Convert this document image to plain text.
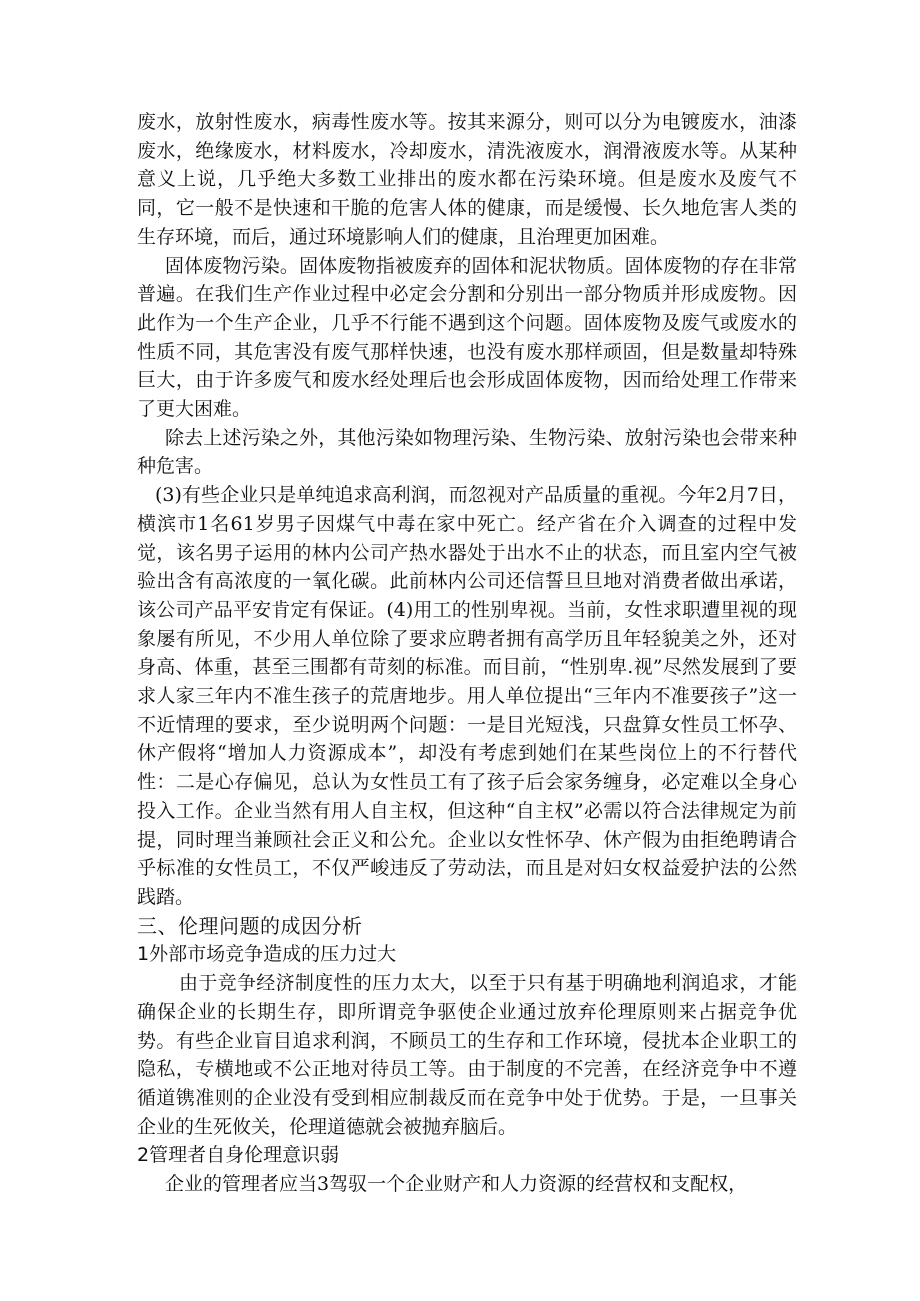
废水，放射性废水，病毒性废水等。按其来源分，则可以分为电镀废水，油漆废水，绝缘废水，材料废水，冷却废水，清洗液废水，润滑液废水等。从某种意义上说，几乎绝大多数工业排出的废水都在污染环境。但是废水及废气不同，它一般不是快速和干脆的危害人体的健康，而是缓慢、长久地危害人类的生存环境，而后，通过环境影响人们的健康，且治理更加困难。

固体废物污染。固体废物指被废弃的固体和泥状物质。固体废物的存在非常普遍。在我们生产作业过程中必定会分割和分别出一部分物质并形成废物。因此作为一个生产企业，几乎不行能不遇到这个问题。固体废物及废气或废水的性质不同，其危害没有废气那样快速，也没有废水那样顽固，但是数量却特殊巨大，由于许多废气和废水经处理后也会形成固体废物，因而给处理工作带来了更大困难。

除去上述污染之外，其他污染如物理污染、生物污染、放射污染也会带来种种危害。

(3)有些企业只是单纯追求高利润，而忽视对产品质量的重视。今年2月7日，横滨市1名61岁男子因煤气中毒在家中死亡。经产省在介入调查的过程中发觉，该名男子运用的林内公司产热水器处于出水不止的状态，而且室内空气被验出含有高浓度的一氧化碳。此前林内公司还信誓旦旦地对消费者做出承诺，该公司产品平安肯定有保证。(4)用工的性别卑视。当前，女性求职遭里视的现象屡有所见，不少用人单位除了要求应聘者拥有高学历且年轻貌美之外，还对身高、体重，甚至三围都有苛刻的标准。而目前，“性别卑.视”尽然发展到了要求人家三年内不准生孩子的荒唐地步。用人单位提出“三年内不准要孩子”这一不近情理的要求，至少说明两个问题：一是目光短浅，只盘算女性员工怀孕、休产假将“增加人力资源成本”，却没有考虑到她们在某些岗位上的不行替代性：二是心存偏见，总认为女性员工有了孩子后会家务缠身，必定难以全身心投入工作。企业当然有用人自主权，但这种“自主权”必需以符合法律规定为前提，同时理当兼顾社会正义和公允。企业以女性怀孕、休产假为由拒绝聘请合乎标准的女性员工，不仅严峻违反了劳动法，而且是对妇女权益爱护法的公然践踏。

三、伦理问题的成因分析

1外部市场竞争造成的压力过大

由于竞争经济制度性的压力太大，以至于只有基于明确地利润追求，才能确保企业的长期生存，即所谓竞争驱使企业通过放弃伦理原则来占据竞争优势。有些企业盲目追求利润，不顾员工的生存和工作环境，侵扰本企业职工的隐私，专横地或不公正地对待员工等。由于制度的不完善，在经济竞争中不遵循道镌准则的企业没有受到相应制裁反而在竞争中处于优势。于是，一旦事关企业的生死攸关，伦理道德就会被抛弃脑后。

2管理者自身伦理意识弱

企业的管理者应当3驾驭一个企业财产和人力资源的经营权和支配权，
